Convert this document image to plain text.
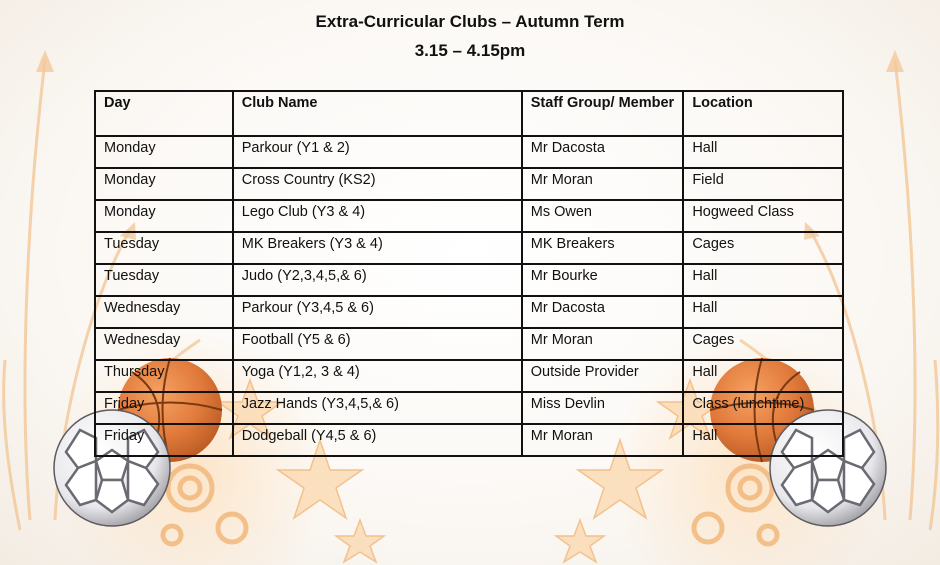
Extra-Curricular Clubs – Autumn Term
3.15 – 4.15pm
Day	Club Name	Staff Group/ Member	Location
Monday	Parkour (Y1 & 2)	Mr Dacosta	Hall
Monday	Cross Country (KS2)	Mr Moran	Field
Monday	Lego Club (Y3 & 4)	Ms Owen	Hogweed Class
Tuesday	MK Breakers (Y3 & 4)	MK Breakers	Cages
Tuesday	Judo (Y2,3,4,5,& 6)	Mr Bourke	Hall
Wednesday	Parkour (Y3,4,5 & 6)	Mr Dacosta	Hall
Wednesday	Football (Y5 & 6)	Mr Moran	Cages
Thursday	Yoga (Y1,2, 3 & 4)	Outside Provider	Hall
Friday	Jazz Hands (Y3,4,5,& 6)	Miss Devlin	Class (lunchtime)
Friday	Dodgeball (Y4,5 & 6)	Mr Moran	Hall
